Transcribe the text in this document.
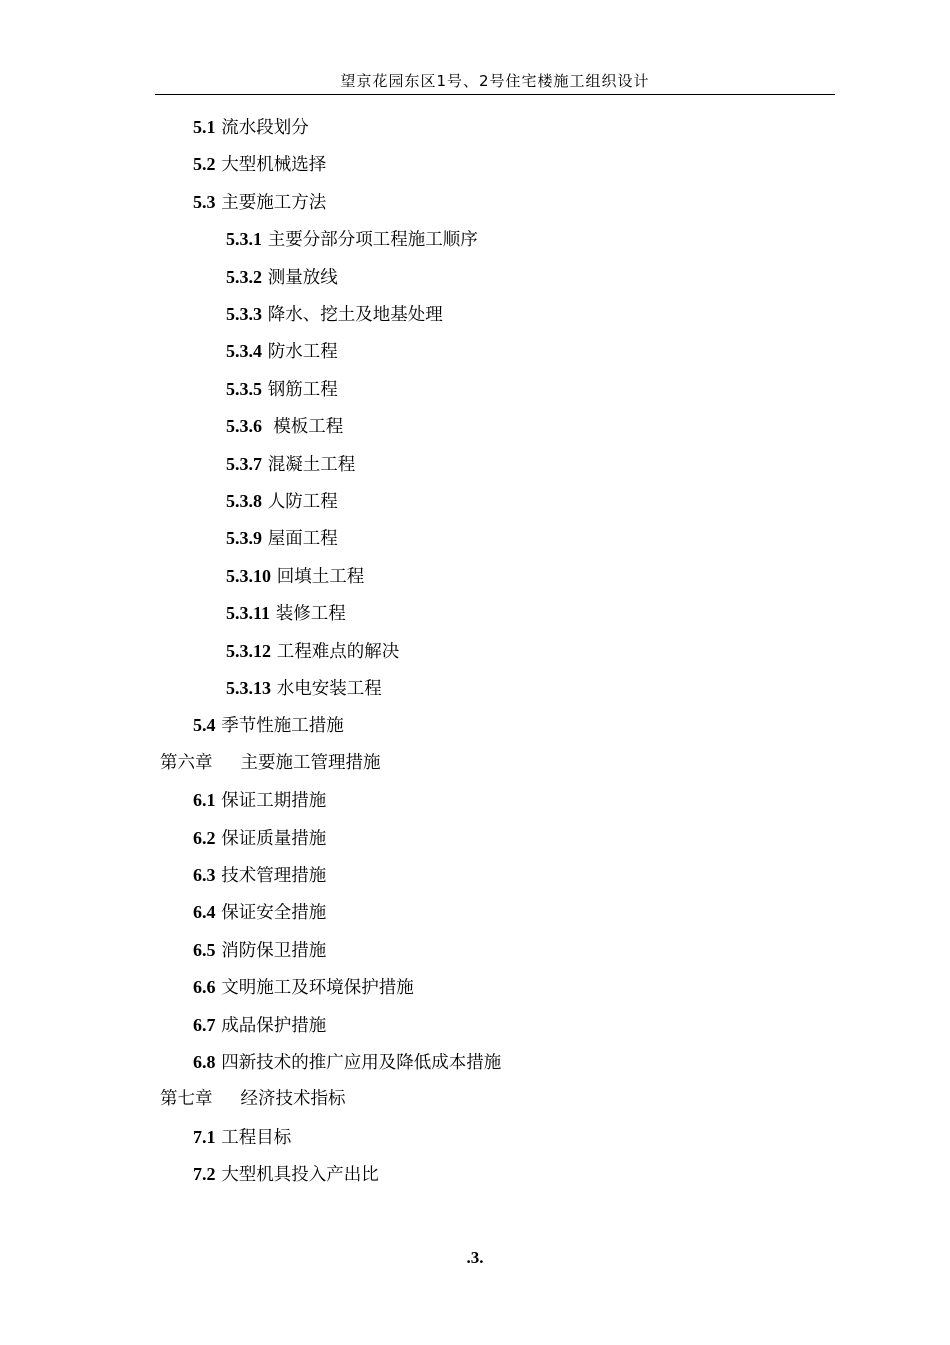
望京花园东区1号、2号住宅楼施工组织设计
5.1 流水段划分
5.2 大型机械选择
5.3 主要施工方法
5.3.1 主要分部分项工程施工顺序
5.3.2 测量放线
5.3.3 降水、挖土及地基处理
5.3.4 防水工程
5.3.5 钢筋工程
5.3.6  模板工程
5.3.7 混凝土工程
5.3.8 人防工程
5.3.9 屋面工程
5.3.10 回填土工程
5.3.11 装修工程
5.3.12 工程难点的解决
5.3.13 水电安装工程
5.4 季节性施工措施
第六章 主要施工管理措施
6.1 保证工期措施
6.2 保证质量措施
6.3 技术管理措施
6.4 保证安全措施
6.5 消防保卫措施
6.6 文明施工及环境保护措施
6.7 成品保护措施
6.8 四新技术的推广应用及降低成本措施
第七章 经济技术指标
7.1 工程目标
7.2 大型机具投入产出比
.3.
